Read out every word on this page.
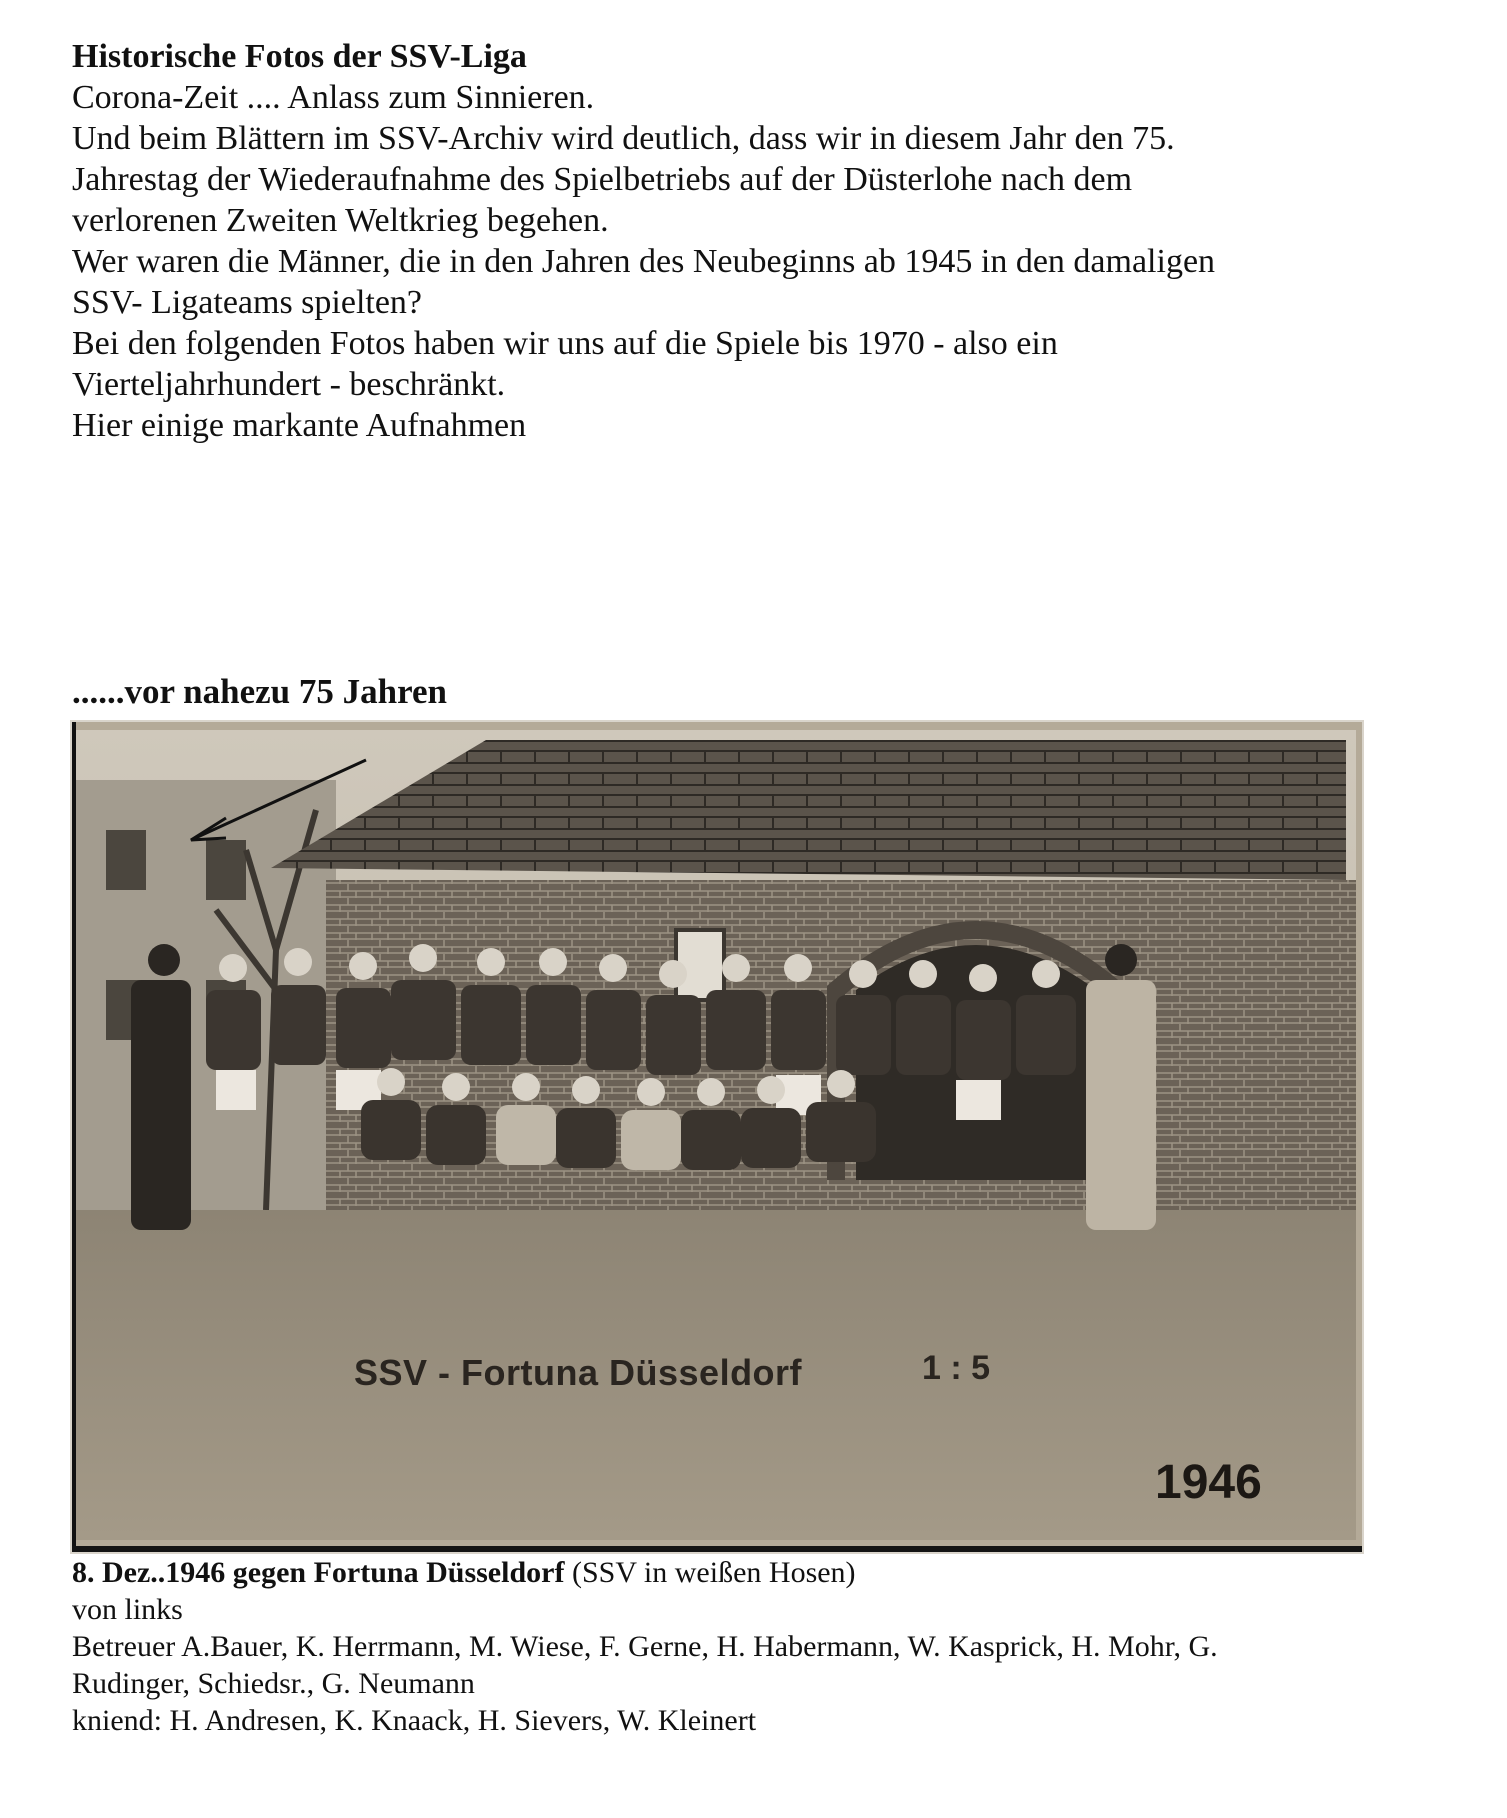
Historische Fotos der SSV-Liga
Corona-Zeit .... Anlass zum Sinnieren.
Und beim Blättern im SSV-Archiv wird deutlich, dass wir in diesem Jahr den 75.
Jahrestag der Wiederaufnahme des Spielbetriebs auf der Düsterlohe nach dem
verlorenen Zweiten Weltkrieg begehen.
Wer waren die Männer, die in den Jahren des Neubeginns ab 1945 in den damaligen
SSV- Ligateams spielten?
Bei den folgenden Fotos haben wir uns auf die Spiele bis 1970 - also ein
Vierteljahrhundert - beschränkt.
Hier einige markante Aufnahmen
......vor nahezu 75 Jahren
SSV - Fortuna Düsseldorf	1 : 5
1946
8. Dez..1946 gegen Fortuna Düsseldorf (SSV in weißen Hosen)
von links
Betreuer A.Bauer, K. Herrmann, M. Wiese, F. Gerne, H. Habermann, W. Kasprick, H. Mohr, G.
Rudinger, Schiedsr., G. Neumann
kniend: H. Andresen, K. Knaack, H. Sievers, W. Kleinert
